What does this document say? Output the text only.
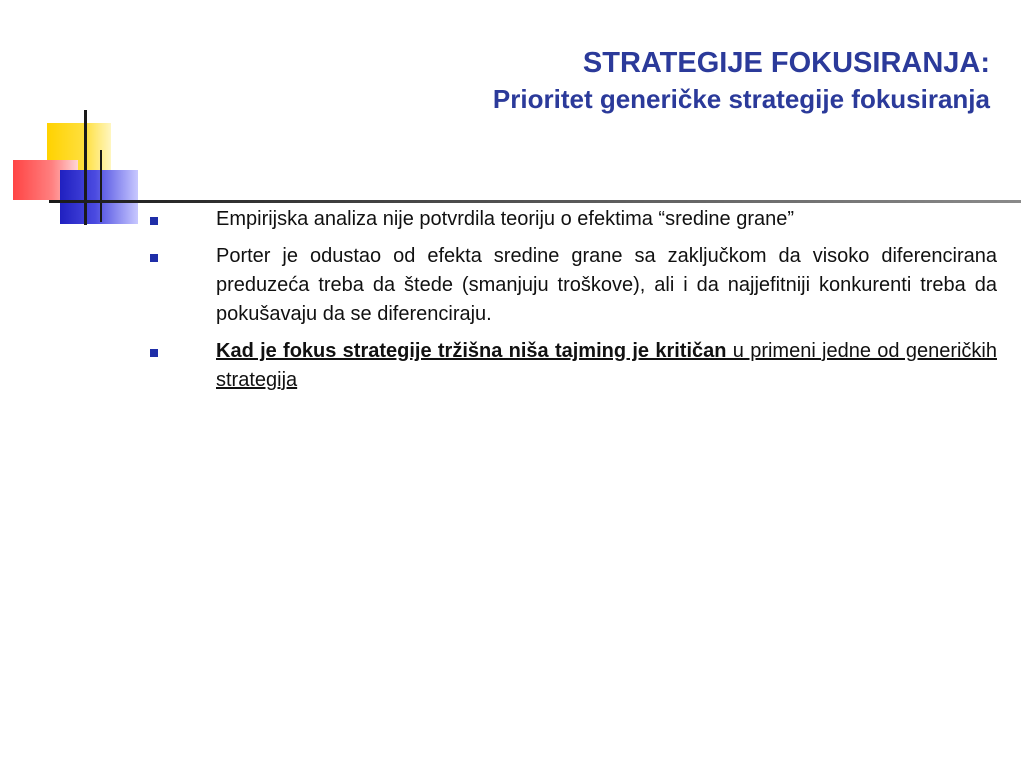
STRATEGIJE FOKUSIRANJA:
Prioritet generičke strategije fokusiranja
Empirijska analiza nije potvrdila teoriju o efektima “sredine grane”
Porter je odustao od efekta sredine grane sa zaključkom da visoko diferencirana preduzeća treba da štede (smanjuju troškove), ali i da najjefitniji konkurenti treba da pokušavaju da se diferenciraju.
Kad je fokus strategije tržišna niša tajming je kritičan u primeni jedne od generičkih strategija
